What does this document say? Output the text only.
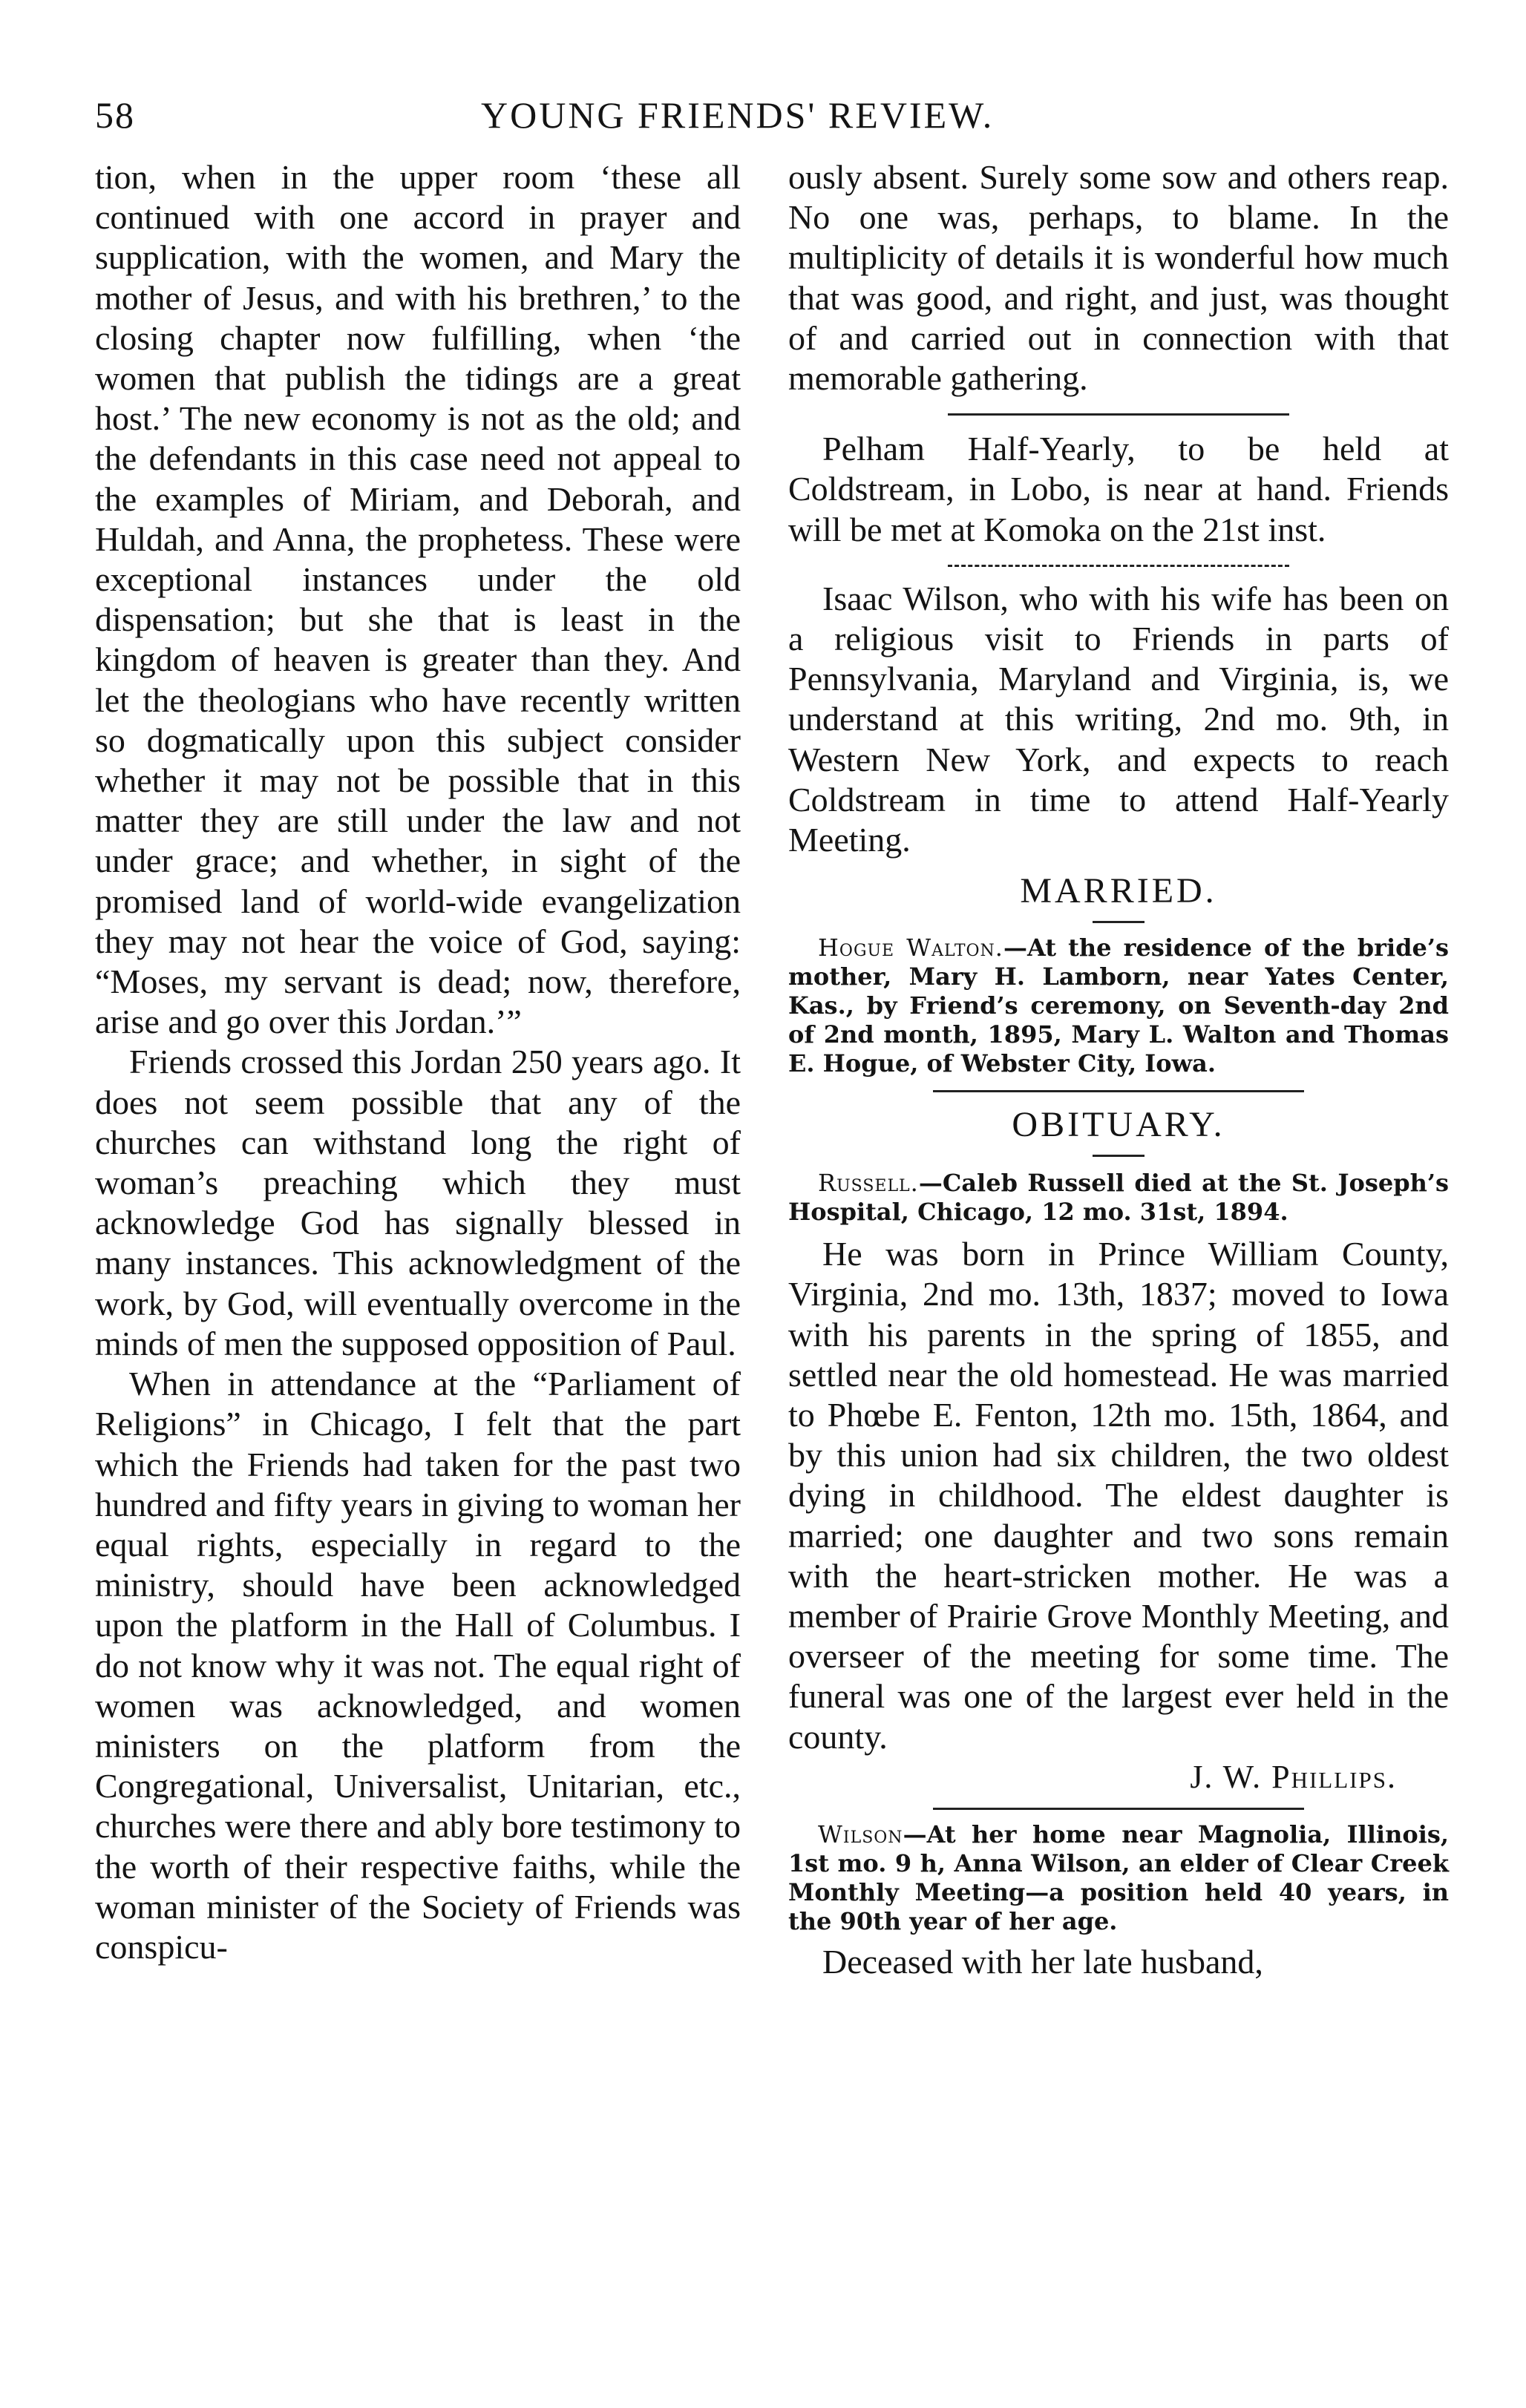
58	YOUNG FRIENDS' REVIEW.

tion, when in the upper room ‘these all continued with one accord in prayer and supplication, with the women, and Mary the mother of Jesus, and with his brethren,’ to the closing chapter now fulfilling, when ‘the women that publish the tidings are a great host.’ The new economy is not as the old; and the defendants in this case need not appeal to the examples of Miriam, and Deborah, and Huldah, and Anna, the prophetess. These were exceptional instances under the old dispensation; but she that is least in the kingdom of heaven is greater than they. And let the theologians who have recently written so dogmatically upon this subject consider whether it may not be possible that in this matter they are still under the law and not under grace; and whether, in sight of the promised land of world-wide evangelization they may not hear the voice of God, saying: “Moses, my servant is dead; now, therefore, arise and go over this Jordan.’”

Friends crossed this Jordan 250 years ago. It does not seem possible that any of the churches can withstand long the right of woman’s preaching which they must acknowledge God has signally blessed in many instances. This acknowledgment of the work, by God, will eventually overcome in the minds of men the supposed opposition of Paul.

When in attendance at the “Parliament of Religions” in Chicago, I felt that the part which the Friends had taken for the past two hundred and fifty years in giving to woman her equal rights, especially in regard to the ministry, should have been acknowledged upon the platform in the Hall of Columbus. I do not know why it was not. The equal right of women was acknowledged, and women ministers on the platform from the Congregational, Universalist, Unitarian, etc., churches were there and ably bore testimony to the worth of their respective faiths, while the woman minister of the Society of Friends was conspicu-

ously absent. Surely some sow and others reap. No one was, perhaps, to blame. In the multiplicity of details it is wonderful how much that was good, and right, and just, was thought of and carried out in connection with that memorable gathering.

Pelham Half-Yearly, to be held at Coldstream, in Lobo, is near at hand. Friends will be met at Komoka on the 21st inst.

Isaac Wilson, who with his wife has been on a religious visit to Friends in parts of Pennsylvania, Maryland and Virginia, is, we understand at this writing, 2nd mo. 9th, in Western New York, and expects to reach Coldstream in time to attend Half-Yearly Meeting.

MARRIED.

Hogue Walton.—At the residence of the bride’s mother, Mary H. Lamborn, near Yates Center, Kas., by Friend’s ceremony, on Seventh-day 2nd of 2nd month, 1895, Mary L. Walton and Thomas E. Hogue, of Webster City, Iowa.

OBITUARY.

Russell.—Caleb Russell died at the St. Joseph’s Hospital, Chicago, 12 mo. 31st, 1894.

He was born in Prince William County, Virginia, 2nd mo. 13th, 1837; moved to Iowa with his parents in the spring of 1855, and settled near the old homestead. He was married to Phœbe E. Fenton, 12th mo. 15th, 1864, and by this union had six children, the two oldest dying in childhood. The eldest daughter is married; one daughter and two sons remain with the heart-stricken mother. He was a member of Prairie Grove Monthly Meeting, and overseer of the meeting for some time. The funeral was one of the largest ever held in the county.

J. W. Phillips.

Wilson—At her home near Magnolia, Illinois, 1st mo. 9 h, Anna Wilson, an elder of Clear Creek Monthly Meeting—a position held 40 years, in the 90th year of her age.

Deceased with her late husband,
